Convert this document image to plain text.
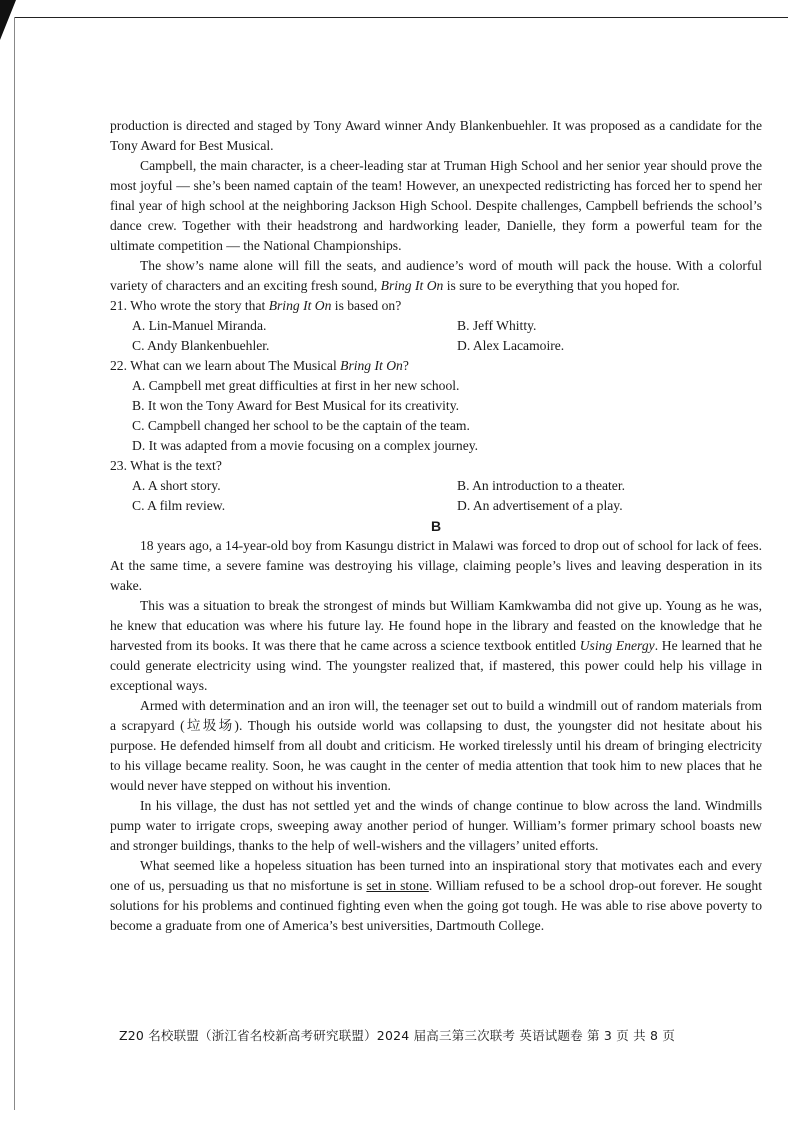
production is directed and staged by Tony Award winner Andy Blankenbuehler. It was proposed as a candidate for the Tony Award for Best Musical.

Campbell, the main character, is a cheer-leading star at Truman High School and her senior year should prove the most joyful — she’s been named captain of the team! However, an unexpected redistricting has forced her to spend her final year of high school at the neighboring Jackson High School. Despite challenges, Campbell befriends the school’s dance crew. Together with their headstrong and hardworking leader, Danielle, they form a powerful team for the ultimate competition — the National Championships.

The show’s name alone will fill the seats, and audience’s word of mouth will pack the house. With a colorful variety of characters and an exciting fresh sound, Bring It On is sure to be everything that you hoped for.

21. Who wrote the story that Bring It On is based on?

A. Lin-Manuel Miranda.	B. Jeff Whitty.

C. Andy Blankenbuehler.	D. Alex Lacamoire.

22. What can we learn about The Musical Bring It On?

A. Campbell met great difficulties at first in her new school.

B. It won the Tony Award for Best Musical for its creativity.

C. Campbell changed her school to be the captain of the team.

D. It was adapted from a movie focusing on a complex journey.

23. What is the text?

A. A short story.	B. An introduction to a theater.

C. A film review.	D. An advertisement of a play.

B

18 years ago, a 14-year-old boy from Kasungu district in Malawi was forced to drop out of school for lack of fees. At the same time, a severe famine was destroying his village, claiming people’s lives and leaving desperation in its wake.

This was a situation to break the strongest of minds but William Kamkwamba did not give up. Young as he was, he knew that education was where his future lay. He found hope in the library and feasted on the knowledge that he harvested from its books. It was there that he came across a science textbook entitled Using Energy. He learned that he could generate electricity using wind. The youngster realized that, if mastered, this power could help his village in exceptional ways.

Armed with determination and an iron will, the teenager set out to build a windmill out of random materials from a scrapyard (垃圾场). Though his outside world was collapsing to dust, the youngster did not hesitate about his purpose. He defended himself from all doubt and criticism. He worked tirelessly until his dream of bringing electricity to his village became reality. Soon, he was caught in the center of media attention that took him to new places that he would never have stepped on without his invention.

In his village, the dust has not settled yet and the winds of change continue to blow across the land. Windmills pump water to irrigate crops, sweeping away another period of hunger. William’s former primary school boasts new and stronger buildings, thanks to the help of well-wishers and the villagers’ united efforts.

What seemed like a hopeless situation has been turned into an inspirational story that motivates each and every one of us, persuading us that no misfortune is set in stone. William refused to be a school drop-out forever. He sought solutions for his problems and continued fighting even when the going got tough. He was able to rise above poverty to become a graduate from one of America’s best universities, Dartmouth College.

Z20 名校联盟（浙江省名校新高考研究联盟）2024 届高三第三次联考 英语试题卷 第 3 页 共 8 页
